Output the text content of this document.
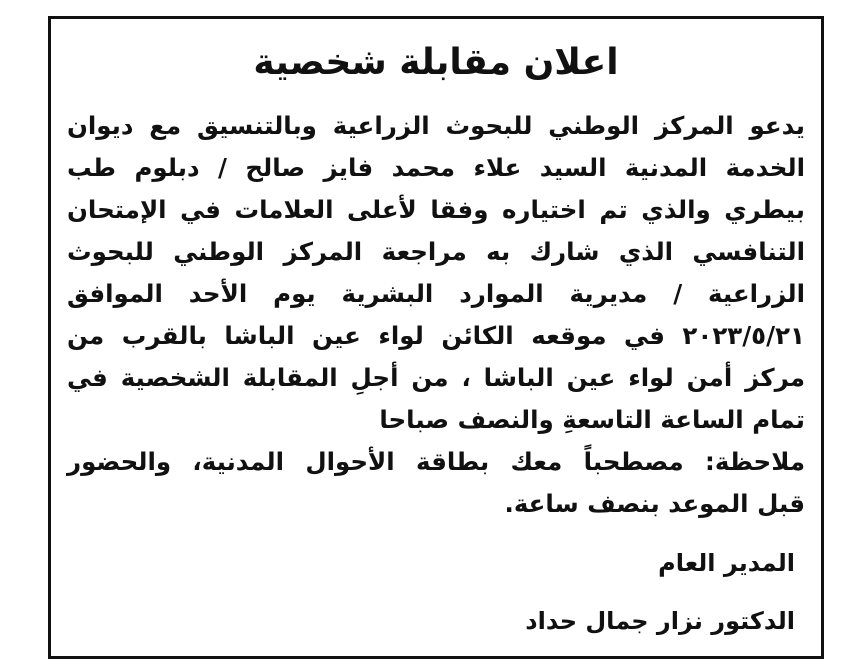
اعلان مقابلة شخصية
يدعو المركز الوطني للبحوث الزراعية وبالتنسيق مع ديوان
الخدمة المدنية السيد علاء محمد فايز صالح / دبلوم طب
بيطري والذي تم اختياره وفقا لأعلى العلامات في الإمتحان
التنافسي الذي شارك به مراجعة المركز الوطني للبحوث
الزراعية / مديرية الموارد البشرية يوم الأحد الموافق
٢٠٢٣/٥/٢١ في موقعه الكائن لواء عين الباشا بالقرب من
مركز أمن لواء عين الباشا ، من أجلِ المقابلة الشخصية في
تمام الساعة التاسعةِ والنصف صباحا
ملاحظة: مصطحباً معك بطاقة الأحوال المدنية، والحضور
قبل الموعد بنصف ساعة.
المدير العام
الدكتور نزار جمال حداد
